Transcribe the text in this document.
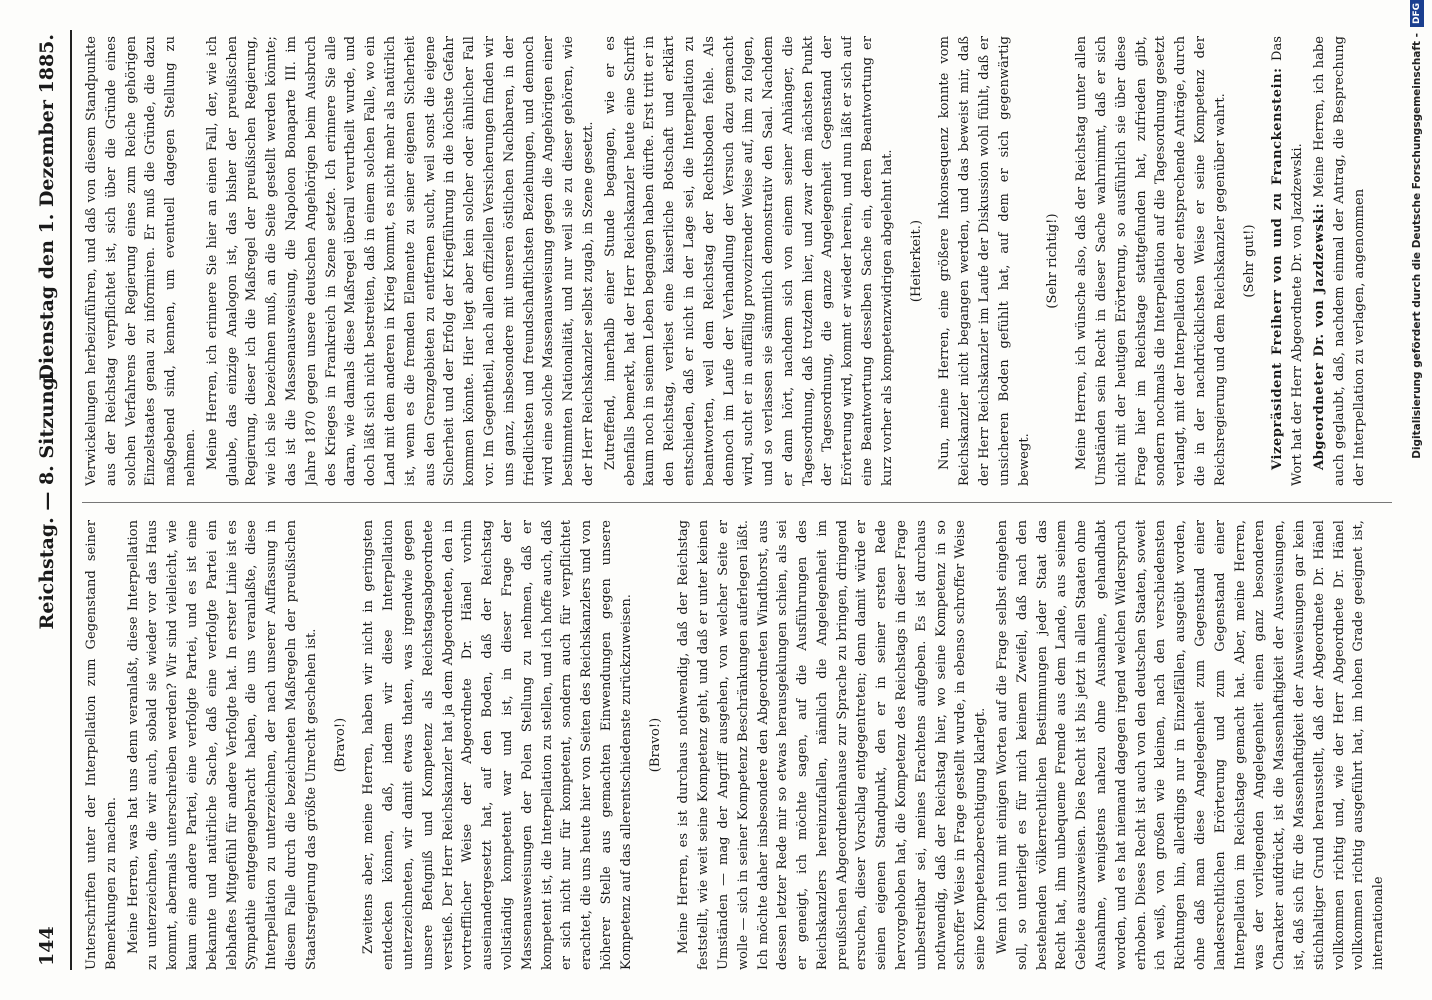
144
Reichstag. — 8. Sitzung.
Dienstag den 1. Dezember 1885.

Unterschriften unter der Interpellation zum Gegenstand seiner Bemerkungen zu machen. Meine Herren, was hat uns denn veranlaßt, diese Interpellation zu unterzeichnen, die wir auch, sobald sie wieder vor das Haus kommt, abermals unterschreiben werden? Wir sind vielleicht, wie kaum eine andere Partei, eine verfolgte Partei, und es ist eine bekannte und natürliche Sache, daß eine verfolgte Partei ein lebhaftes Mitgefühl für andere Verfolgte hat. In erster Linie ist es Sympathie entgegengebracht haben, die uns veranlaßte, diese Interpellation zu unterzeichnen, der nach unserer Auffassung in diesem Falle durch die bezeichneten Maßregeln der preußischen Staatsregierung das größte Unrecht geschehen ist. (Bravo!) Zweitens aber, meine Herren, haben wir nicht in geringsten entdecken können, daß, indem wir diese Interpellation unterzeichneten, wir damit etwas thaten, was irgendwie gegen unsere Befugniß und Kompetenz als Reichstagsabgeordnete verstieß. Der Herr Reichskanzler hat ja dem Abgeordneten, den in vortrefflicher Weise der Abgeordnete Dr. Hänel vorhin auseinandergesetzt hat, auf den Boden, daß der Reichstag vollständig kompetent war und ist, in dieser Frage der Massenausweisungen der Polen Stellung zu nehmen, daß er kompetent ist, die Interpellation zu stellen, und ich hoffe auch, daß er sich nicht nur für kompetent, sondern auch für verpflichtet erachtet, die uns heute hier von Seiten des Reichskanzlers und von höherer Stelle aus gemachten Einwendungen gegen unsere Kompetenz auf das allerentschiedenste zurückzuweisen. (Bravo!) Meine Herren, es ist durchaus nothwendig, daß der Reichstag feststellt, wie weit seine Kompetenz geht, und daß er unter keinen Umständen — mag der Angriff ausgehen, von welcher Seite er wolle — sich in seiner Kompetenz Beschränkungen auferlegen läßt. Ich möchte daher insbesondere den Abgeordneten Windthorst, aus dessen letzter Rede mir so etwas herausgeklungen schien, als sei er geneigt, ich möchte sagen, auf die Ausführungen des Reichskanzlers hereinzufallen, nämlich die Angelegenheit im preußischen Abgeordnetenhause zur Sprache zu bringen, dringend ersuchen, dieser Vorschlag entgegentreten; denn damit würde er seinen eigenen Standpunkt, den er in seiner ersten Rede hervorgehoben hat, die Kompetenz des Reichstags in dieser Frage unbestreitbar sei, meines Erachtens aufgeben. Es ist durchaus nothwendig, daß der Reichstag hier, wo seine Kompetenz in so schroffer Weise in Frage gestellt wurde, in ebenso schroffer Weise seine Kompetenzberechtigung klarlegt. Wenn ich nun mit einigen Worten auf die Frage selbst eingehen soll, so unterliegt es für mich keinem Zweifel, daß nach den bestehenden völkerrechtlichen Bestimmungen jeder Staat das Recht hat, ihm unbequeme Fremde aus dem Lande, aus seinem Gebiete auszuweisen. Dies Recht ist bis jetzt in allen Staaten ohne Ausnahme, wenigstens nahezu ohne Ausnahme, gehandhabt worden, und es hat niemand dagegen irgend welchen Widerspruch erhoben. Dieses Recht ist auch von den deutschen Staaten, soweit ich weiß, von großen wie kleinen, nach den verschiedensten Richtungen hin, allerdings nur in Einzelfällen, ausgeübt worden, ohne daß man diese Angelegenheit zum Gegenstand einer landesrechtlichen Erörterung und zum Gegenstand einer Interpellation im Reichstage gemacht hat. Aber, meine Herren, was der vorliegenden Angelegenheit einen ganz besonderen Charakter aufdrückt, ist die Massenhaftigkeit der Ausweisungen, ist, daß sich für die Massenhaftigkeit der Ausweisungen gar kein stichhaltiger Grund herausstellt, daß der Abgeordnete Dr. Hänel vollkommen richtig und, wie der Herr Abgeordnete Dr. Hänel vollkommen richtig ausgeführt hat, im hohen Grade geeignet ist, internationale

Verwickelungen herbeizuführen, und daß von diesem Standpunkte aus der Reichstag verpflichtet ist, sich über die Gründe eines solchen Verfahrens der Regierung eines zum Reiche gehörigen Einzelstaates genau zu informiren. Er muß die Gründe, die dazu maßgebend sind, kennen, um eventuell dagegen Stellung zu nehmen. Meine Herren, ich erinnere Sie hier an einen Fall, der, wie ich glaube, das einzige Analogon ist, das bisher der preußischen Regierung, dieser ich die Maßregel der preußischen Regierung, wie ich sie bezeichnen muß, an die Seite gestellt werden könnte; das ist die Massenausweisung, die Napoleon Bonaparte III. im Jahre 1870 gegen unsere deutschen Angehörigen beim Ausbruch des Krieges in Frankreich in Szene setzte. Ich erinnere Sie alle daran, wie damals diese Maßregel überall verurtheilt wurde, und doch läßt sich nicht bestreiten, daß in einem solchen Falle, wo ein Land mit dem anderen in Krieg kommt, es nicht mehr als natürlich ist, wenn es die fremden Elemente zu seiner eigenen Sicherheit aus den Grenzgebieten zu entfernen sucht, weil sonst die eigene Sicherheit und der Erfolg der Kriegführung in die höchste Gefahr kommen könnte. Hier liegt aber kein solcher oder ähnlicher Fall vor. Im Gegentheil, nach allen offiziellen Versicherungen finden wir uns ganz, insbesondere mit unseren östlichen Nachbaren, in der friedlichsten und freundschaftlichsten Beziehungen, und dennoch wird eine solche Massenausweisung gegen die Angehörigen einer bestimmten Nationalität, und nur weil sie zu dieser gehören, wie der Herr Reichskanzler selbst zugab, in Szene gesetzt. Zutreffend, innerhalb einer Stunde begangen, wie er es ebenfalls bemerkt, hat der Herr Reichskanzler heute eine Schrift kaum noch in seinem Leben begangen haben dürfte. Erst tritt er in den Reichstag, verliest eine kaiserliche Botschaft und erklärt entschieden, daß er nicht in der Lage sei, die Interpellation zu beantworten, weil dem Reichstag der Rechtsboden fehle. Als dennoch im Laufe der Verhandlung der Versuch dazu gemacht wird, sucht er in auffällig provozirender Weise auf, ihm zu folgen, und so verlassen sie sämmtlich demonstrativ den Saal. Nachdem er dann hört, nachdem sich von einem seiner Anhänger, die Tagesordnung, daß trotzdem hier, und zwar dem nächsten Punkt der Tagesordnung, die ganze Angelegenheit Gegenstand der Erörterung wird, kommt er wieder herein, und nun läßt er sich auf eine Beantwortung desselben Sache ein, deren Beantwortung er kurz vorher als kompetenzwidrigen abgelehnt hat. (Heiterkeit.) Nun, meine Herren, eine größere Inkonsequenz konnte vom Reichskanzler nicht begangen werden, und das beweist mir, daß der Herr Reichskanzler im Laufe der Diskussion wohl fühlt, daß er unsicheren Boden gefühlt hat, auf dem er sich gegenwärtig bewegt.

(Sehr richtig!) Meine Herren, ich wünsche also, daß der Reichstag unter allen Umständen sein Recht in dieser Sache wahrnimmt, daß er sich nicht mit der heutigen Erörterung, so ausführlich sie über diese Frage hier im Reichstage stattgefunden hat, zufrieden gibt, sondern nochmals die Interpellation auf die Tagesordnung gesetzt verlangt, mit der Interpellation oder entsprechende Anträge, durch die in der nachdrücklichsten Weise er seine Kompetenz der Reichsregierung und dem Reichskanzler gegenüber wahrt. (Sehr gut!) Vizepräsident Freiherr von und zu Franckenstein: Das Wort hat der Herr Abgeordnete Dr. von Jazdzewski. Abgeordneter Dr. von Jazdzewski: Meine Herren, ich habe auch geglaubt, daß, nachdem einmal der Antrag, die Besprechung der Interpellation zu verlagen, angenommen	Digitalisierung gefördert durch die Deutsche Forschungsgemeinschaft -DFG
